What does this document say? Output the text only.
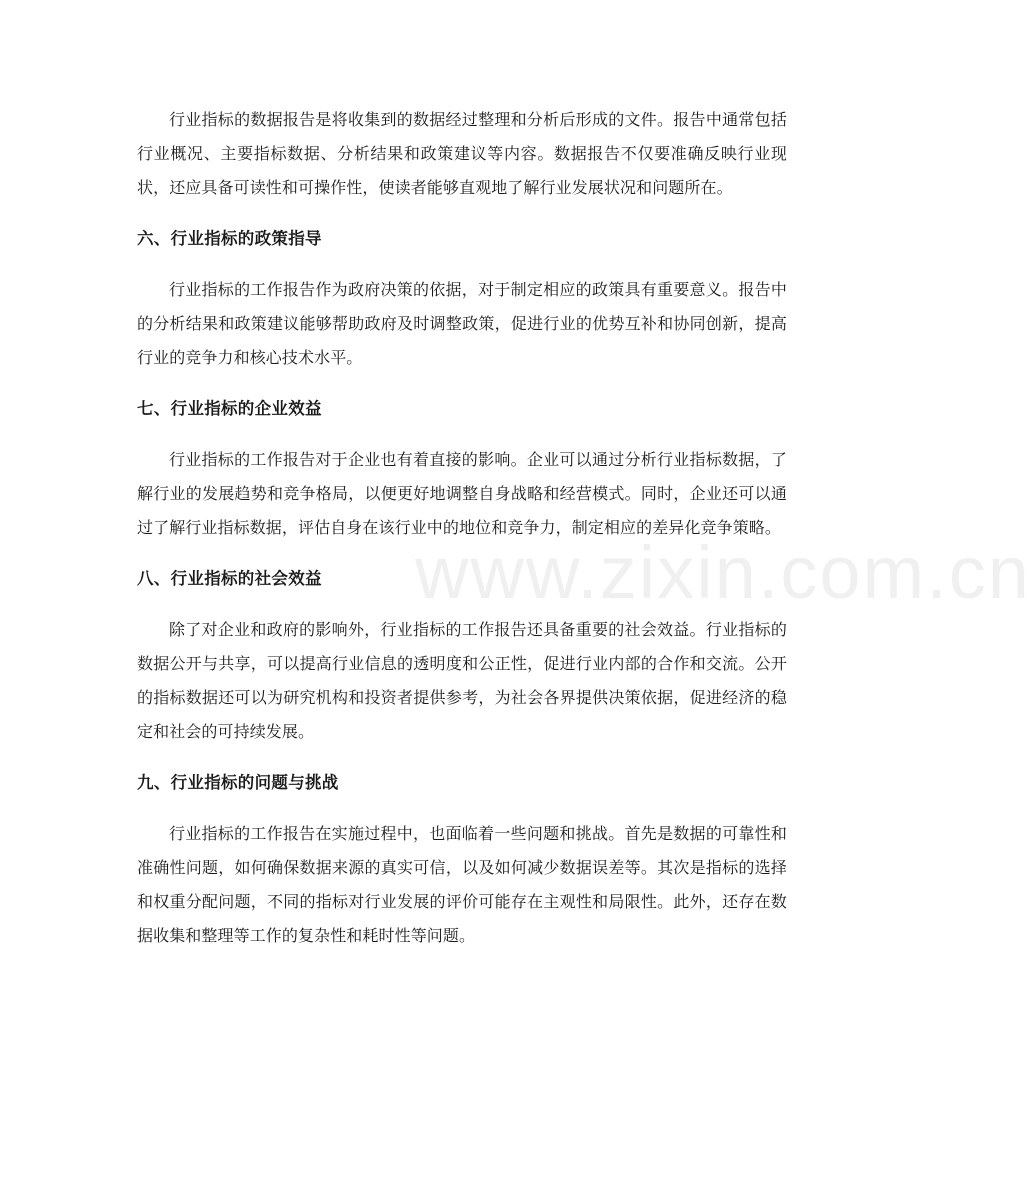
行业指标的数据报告是将收集到的数据经过整理和分析后形成的文件。报告中通常包括行业概况、主要指标数据、分析结果和政策建议等内容。数据报告不仅要准确反映行业现状，还应具备可读性和可操作性，使读者能够直观地了解行业发展状况和问题所在。

六、行业指标的政策指导

行业指标的工作报告作为政府决策的依据，对于制定相应的政策具有重要意义。报告中的分析结果和政策建议能够帮助政府及时调整政策，促进行业的优势互补和协同创新，提高行业的竞争力和核心技术水平。

七、行业指标的企业效益

行业指标的工作报告对于企业也有着直接的影响。企业可以通过分析行业指标数据，了解行业的发展趋势和竞争格局，以便更好地调整自身战略和经营模式。同时，企业还可以通过了解行业指标数据，评估自身在该行业中的地位和竞争力，制定相应的差异化竞争策略。

八、行业指标的社会效益

除了对企业和政府的影响外，行业指标的工作报告还具备重要的社会效益。行业指标的数据公开与共享，可以提高行业信息的透明度和公正性，促进行业内部的合作和交流。公开的指标数据还可以为研究机构和投资者提供参考，为社会各界提供决策依据，促进经济的稳定和社会的可持续发展。

九、行业指标的问题与挑战

行业指标的工作报告在实施过程中，也面临着一些问题和挑战。首先是数据的可靠性和准确性问题，如何确保数据来源的真实可信，以及如何减少数据误差等。其次是指标的选择和权重分配问题，不同的指标对行业发展的评价可能存在主观性和局限性。此外，还存在数据收集和整理等工作的复杂性和耗时性等问题。

www.zixin.com.cn
